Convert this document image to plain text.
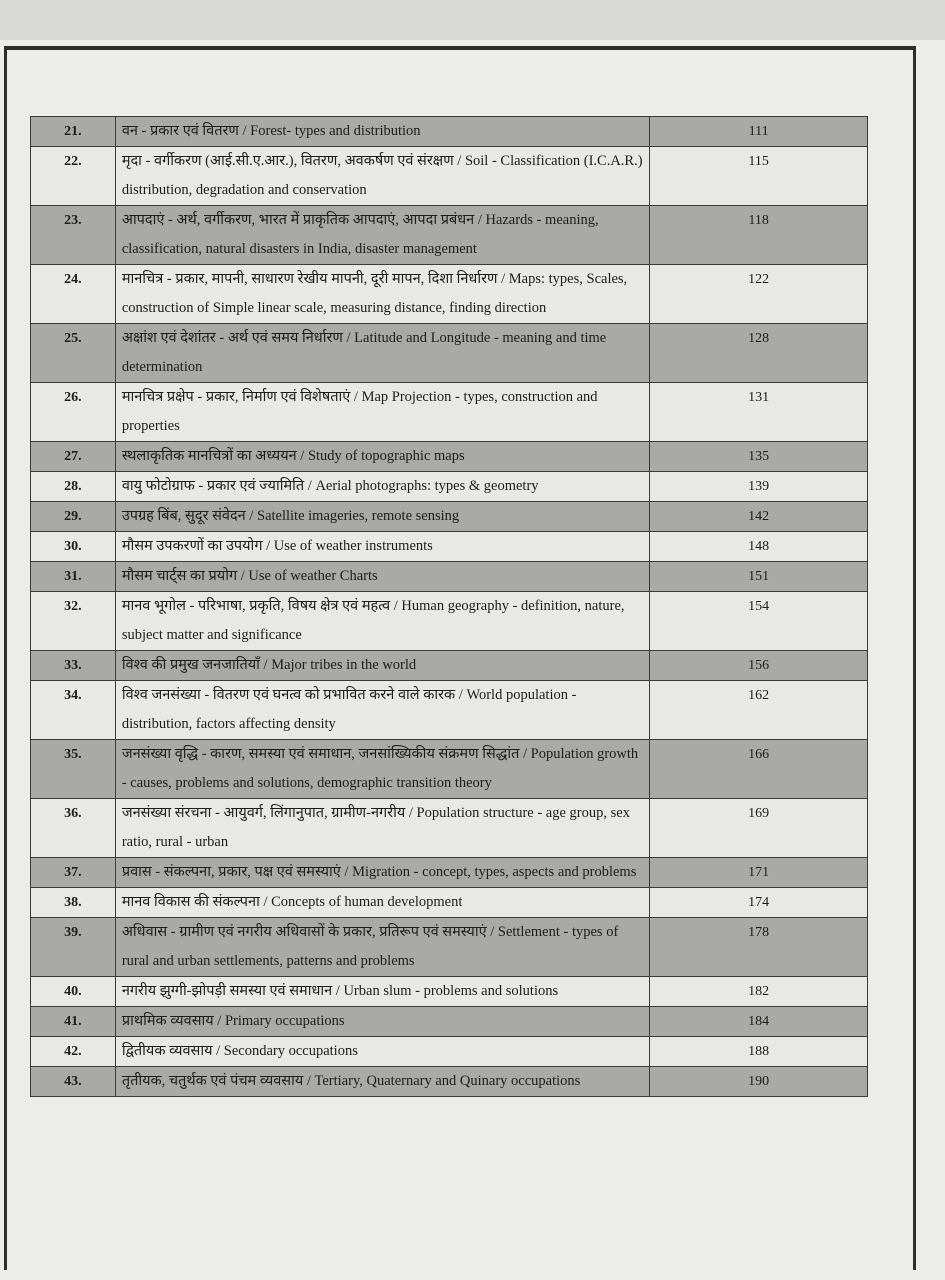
21.	वन - प्रकार एवं वितरण / Forest- types and distribution	111
22.	मृदा - वर्गीकरण (आई.सी.ए.आर.), वितरण, अवकर्षण एवं संरक्षण / Soil - Classification (I.C.A.R.) distribution, degradation and conservation	115
23.	आपदाएं - अर्थ, वर्गीकरण, भारत में प्राकृतिक आपदाएं, आपदा प्रबंधन / Hazards - meaning, classification, natural disasters in India, disaster management	118
24.	मानचित्र - प्रकार, मापनी, साधारण रेखीय मापनी, दूरी मापन, दिशा निर्धारण / Maps: types, Scales, construction of Simple linear scale, measuring distance, finding direction	122
25.	अक्षांश एवं देशांतर - अर्थ एवं समय निर्धारण / Latitude and Longitude - meaning and time determination	128
26.	मानचित्र प्रक्षेप - प्रकार, निर्माण एवं विशेषताएं / Map Projection - types, construction and properties	131
27.	स्थलाकृतिक मानचित्रों का अध्ययन / Study of topographic maps	135
28.	वायु फोटोग्राफ - प्रकार एवं ज्यामिति / Aerial photographs: types & geometry	139
29.	उपग्रह बिंब, सुदूर संवेदन / Satellite imageries, remote sensing	142
30.	मौसम उपकरणों का उपयोग / Use of weather instruments	148
31.	मौसम चार्ट्स का प्रयोग / Use of weather Charts	151
32.	मानव भूगोल - परिभाषा, प्रकृति, विषय क्षेत्र एवं महत्व / Human geography - definition, nature, subject matter and significance	154
33.	विश्व की प्रमुख जनजातियाँ / Major tribes in the world	156
34.	विश्व जनसंख्या - वितरण एवं घनत्व को प्रभावित करने वाले कारक / World population - distribution, factors affecting density	162
35.	जनसंख्या वृद्धि - कारण, समस्या एवं समाधान, जनसांख्यिकीय संक्रमण सिद्धांत / Population growth - causes, problems and solutions, demographic transition theory	166
36.	जनसंख्या संरचना - आयुवर्ग, लिंगानुपात, ग्रामीण-नगरीय / Population structure - age group, sex ratio, rural - urban	169
37.	प्रवास - संकल्पना, प्रकार, पक्ष एवं समस्याएं / Migration - concept, types, aspects and problems	171
38.	मानव विकास की संकल्पना / Concepts of human development	174
39.	अधिवास - ग्रामीण एवं नगरीय अधिवासों के प्रकार, प्रतिरूप एवं समस्याएं / Settlement - types of rural and urban settlements, patterns and problems	178
40.	नगरीय झुग्गी-झोपड़ी समस्या एवं समाधान / Urban slum - problems and solutions	182
41.	प्राथमिक व्यवसाय / Primary occupations	184
42.	द्वितीयक व्यवसाय / Secondary occupations	188
43.	तृतीयक, चतुर्थक एवं पंचम व्यवसाय / Tertiary, Quaternary and Quinary occupations	190
